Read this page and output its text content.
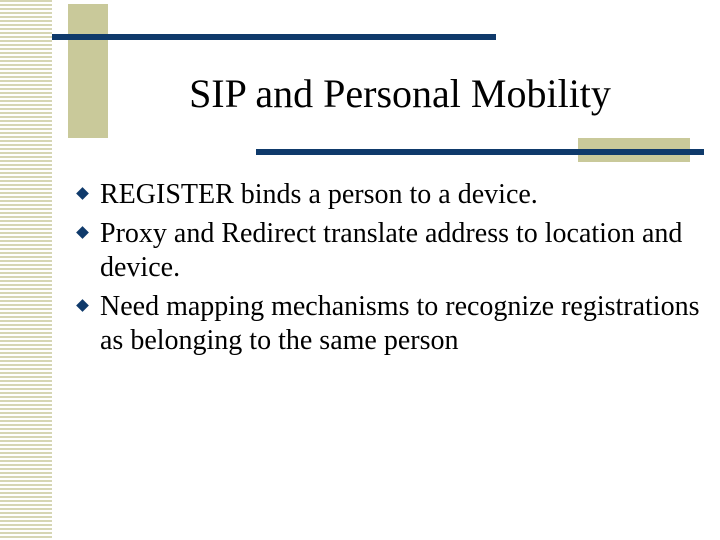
SIP and Personal Mobility
REGISTER binds a person to a device.
Proxy and Redirect translate address to location and device.
Need mapping mechanisms to recognize registrations as belonging to the same person
